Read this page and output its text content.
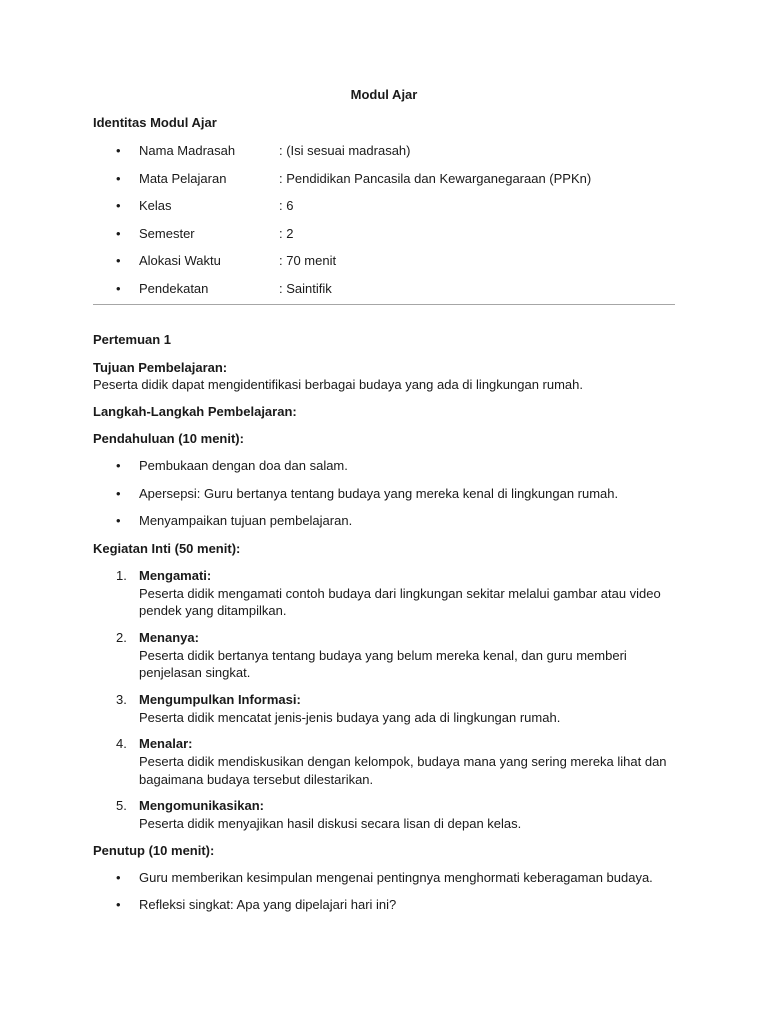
Modul Ajar
Identitas Modul Ajar
• Nama Madrasah	: (Isi sesuai madrasah)
• Mata Pelajaran	: Pendidikan Pancasila dan Kewarganegaraan (PPKn)
• Kelas	: 6
• Semester	: 2
• Alokasi Waktu	: 70 menit
• Pendekatan	: Saintifik
Pertemuan 1
Tujuan Pembelajaran:
Peserta didik dapat mengidentifikasi berbagai budaya yang ada di lingkungan rumah.
Langkah-Langkah Pembelajaran:
Pendahuluan (10 menit):
• Pembukaan dengan doa dan salam.
• Apersepsi: Guru bertanya tentang budaya yang mereka kenal di lingkungan rumah.
• Menyampaikan tujuan pembelajaran.
Kegiatan Inti (50 menit):
1. Mengamati:
Peserta didik mengamati contoh budaya dari lingkungan sekitar melalui gambar atau video pendek yang ditampilkan.
2. Menanya:
Peserta didik bertanya tentang budaya yang belum mereka kenal, dan guru memberi penjelasan singkat.
3. Mengumpulkan Informasi:
Peserta didik mencatat jenis-jenis budaya yang ada di lingkungan rumah.
4. Menalar:
Peserta didik mendiskusikan dengan kelompok, budaya mana yang sering mereka lihat dan bagaimana budaya tersebut dilestarikan.
5. Mengomunikasikan:
Peserta didik menyajikan hasil diskusi secara lisan di depan kelas.
Penutup (10 menit):
• Guru memberikan kesimpulan mengenai pentingnya menghormati keberagaman budaya.
• Refleksi singkat: Apa yang dipelajari hari ini?
